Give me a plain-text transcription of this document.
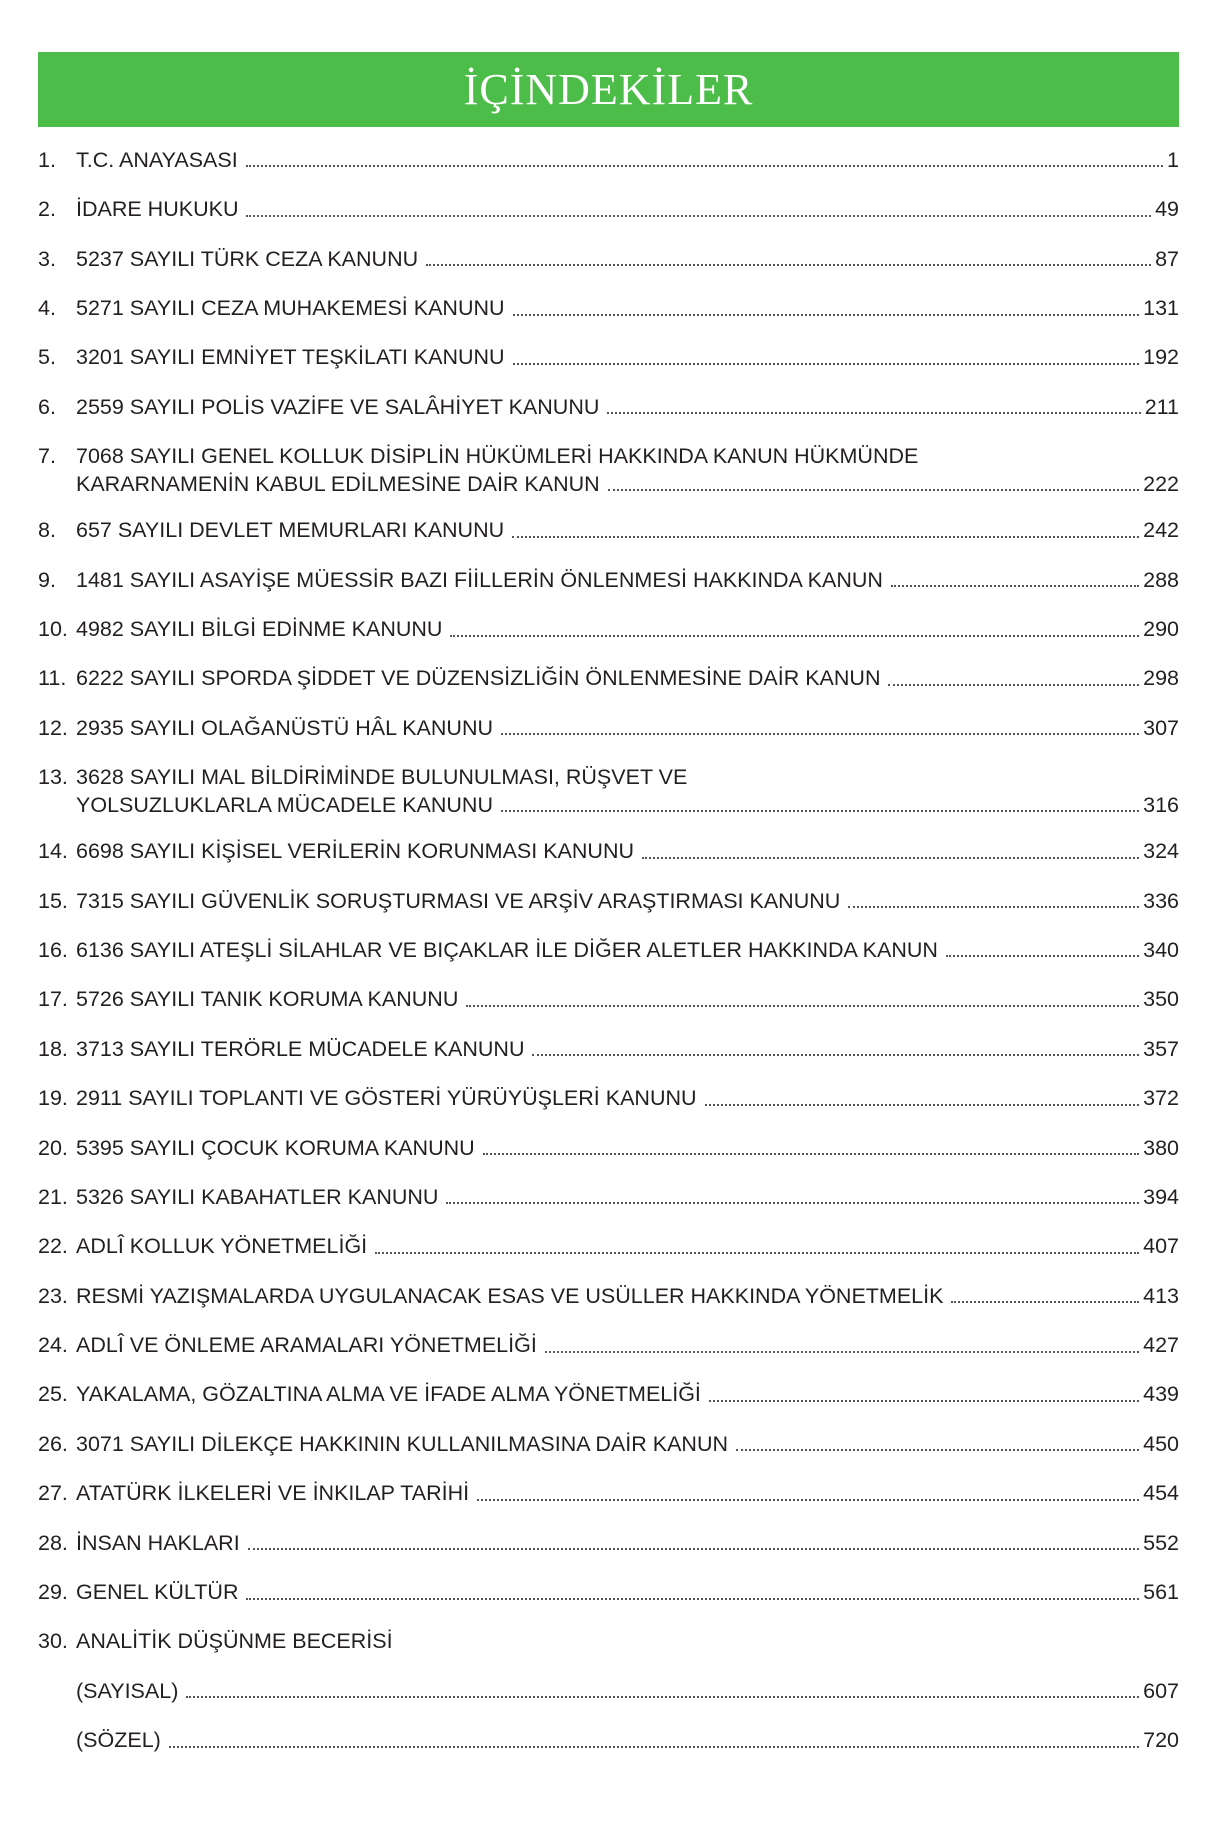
İÇİNDEKİLER
1. T.C. ANAYASASI	1
2. İDARE HUKUKU	49
3. 5237 SAYILI TÜRK CEZA KANUNU	87
4. 5271 SAYILI CEZA MUHAKEMESİ KANUNU	131
5. 3201 SAYILI EMNİYET TEŞKİLATI KANUNU	192
6. 2559 SAYILI POLİS VAZİFE VE SALÂHİYET KANUNU	211
7. 7068 SAYILI GENEL KOLLUK DİSİPLİN HÜKÜMLERİ HAKKINDA KANUN HÜKMÜNDE
KARARNAMENİN KABUL EDİLMESİNE DAİR KANUN	222
8. 657 SAYILI DEVLET MEMURLARI KANUNU	242
9. 1481 SAYILI ASAYİŞE MÜESSİR BAZI FİİLLERİN ÖNLENMESİ HAKKINDA KANUN	288
10. 4982 SAYILI BİLGİ EDİNME KANUNU	290
11. 6222 SAYILI SPORDA ŞİDDET VE DÜZENSİZLİĞİN ÖNLENMESİNE DAİR KANUN	298
12. 2935 SAYILI OLAĞANÜSTÜ HÂL KANUNU	307
13. 3628 SAYILI MAL BİLDİRİMİNDE BULUNULMASI, RÜŞVET VE
YOLSUZLUKLARLA MÜCADELE KANUNU	316
14. 6698 SAYILI KİŞİSEL VERİLERİN KORUNMASI KANUNU	324
15. 7315 SAYILI GÜVENLİK SORUŞTURMASI VE ARŞİV ARAŞTIRMASI KANUNU	336
16. 6136 SAYILI ATEŞLİ SİLAHLAR VE BIÇAKLAR İLE DİĞER ALETLER HAKKINDA KANUN	340
17. 5726 SAYILI TANIK KORUMA KANUNU	350
18. 3713 SAYILI TERÖRLE MÜCADELE KANUNU	357
19. 2911 SAYILI TOPLANTI VE GÖSTERİ YÜRÜYÜŞLERİ KANUNU	372
20. 5395 SAYILI ÇOCUK KORUMA KANUNU	380
21. 5326 SAYILI KABAHATLER KANUNU	394
22. ADLÎ KOLLUK YÖNETMELİĞİ	407
23. RESMİ YAZIŞMALARDA UYGULANACAK ESAS VE USÜLLER HAKKINDA YÖNETMELİK	413
24. ADLÎ VE ÖNLEME ARAMALARI YÖNETMELİĞİ	427
25. YAKALAMA, GÖZALTINA ALMA VE İFADE ALMA YÖNETMELİĞİ	439
26. 3071 SAYILI DİLEKÇE HAKKININ KULLANILMASINA DAİR KANUN	450
27. ATATÜRK İLKELERİ VE İNKILAP TARİHİ	454
28. İNSAN HAKLARI	552
29. GENEL KÜLTÜR	561
30. ANALİTİK DÜŞÜNME BECERİSİ
(SAYISAL)	607
(SÖZEL)	720
